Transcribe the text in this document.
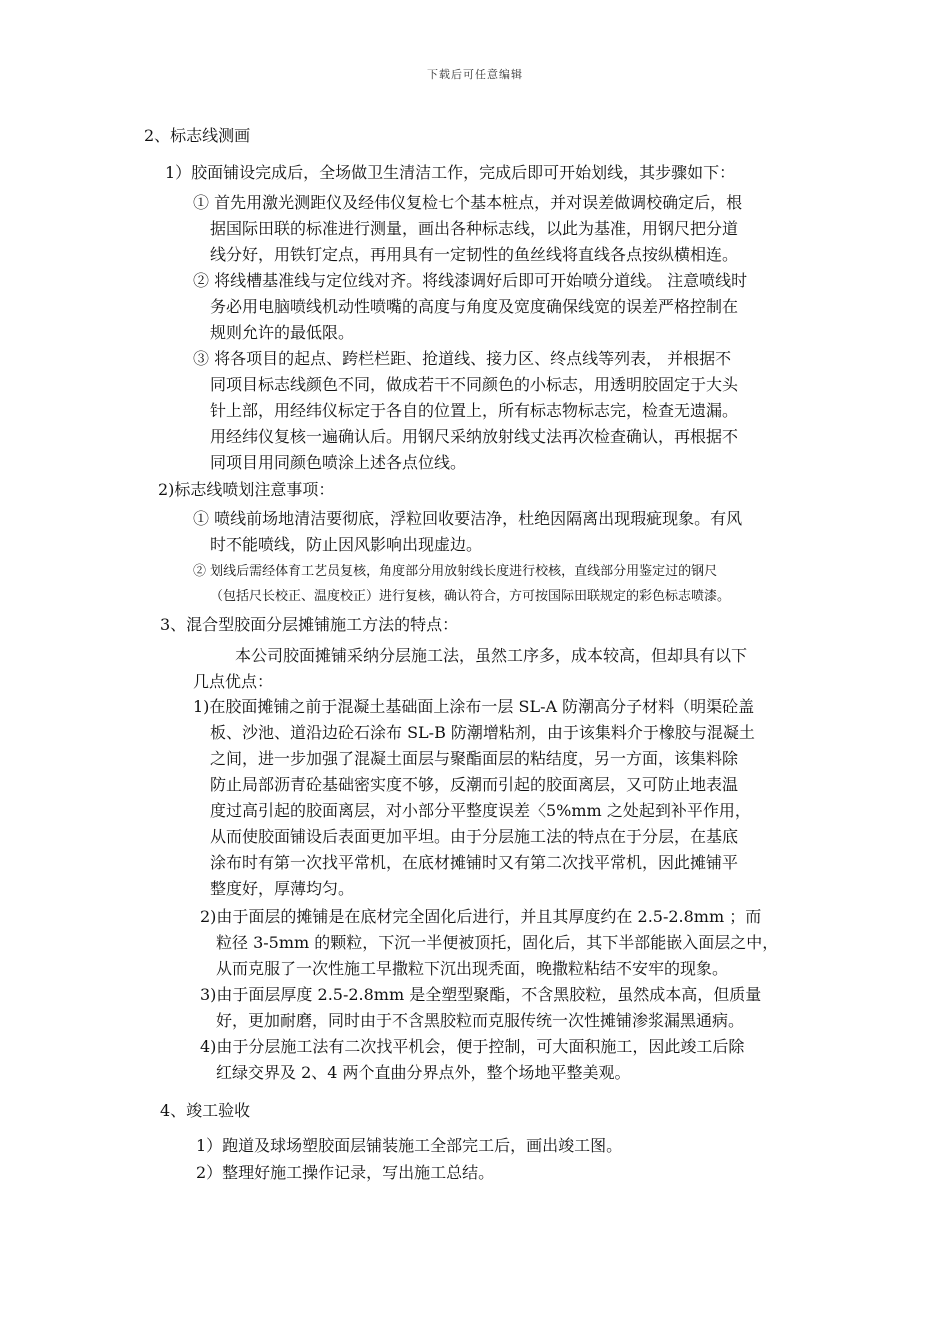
下载后可任意编辑
2、标志线测画
1）胶面铺设完成后，全场做卫生清洁工作，完成后即可开始划线，其步骤如下：
① 首先用激光测距仪及经伟仪复检七个基本桩点，并对误差做调校确定后，根
据国际田联的标准进行测量，画出各种标志线，以此为基准，用钢尺把分道
线分好，用铁钉定点，再用具有一定韧性的鱼丝线将直线各点按纵横相连。
② 将线槽基准线与定位线对齐。将线漆调好后即可开始喷分道线。 注意喷线时
务必用电脑喷线机动性喷嘴的高度与角度及宽度确保线宽的误差严格控制在
规则允许的最低限。
③ 将各项目的起点、跨栏栏距、抢道线、接力区、终点线等列表， 并根据不
同项目标志线颜色不同，做成若干不同颜色的小标志，用透明胶固定于大头
针上部，用经纬仪标定于各自的位置上，所有标志物标志完，检查无遗漏。
用经纬仪复核一遍确认后。用钢尺采纳放射线丈法再次检查确认，再根据不
同项目用同颜色喷涂上述各点位线。
2)标志线喷划注意事项：
① 喷线前场地清洁要彻底，浮粒回收要洁净，杜绝因隔离出现瑕疵现象。有风
时不能喷线，防止因风影响出现虚边。
② 划线后需经体育工艺员复核，角度部分用放射线长度进行校核，直线部分用鉴定过的钢尺
（包括尺长校正、温度校正）进行复核，确认符合，方可按国际田联规定的彩色标志喷漆。
3、混合型胶面分层摊铺施工方法的特点：
本公司胶面摊铺采纳分层施工法，虽然工序多，成本较高，但却具有以下
几点优点：
1)在胶面摊铺之前于混凝土基础面上涂布一层 SL-A 防潮高分子材料（明渠砼盖
板、沙池、道沿边砼石涂布 SL-B 防潮增粘剂，由于该集料介于橡胶与混凝土
之间，进一步加强了混凝土面层与聚酯面层的粘结度，另一方面，该集料除
防止局部沥青砼基础密实度不够，反潮而引起的胶面离层，又可防止地表温
度过高引起的胶面离层，对小部分平整度误差〈5%mm 之处起到补平作用，
从而使胶面铺设后表面更加平坦。由于分层施工法的特点在于分层，在基底
涂布时有第一次找平常机，在底材摊铺时又有第二次找平常机，因此摊铺平
整度好，厚薄均匀。
2)由于面层的摊铺是在底材完全固化后进行，并且其厚度约在 2.5-2.8mm ；而
粒径 3-5mm 的颗粒，下沉一半便被顶托，固化后，其下半部能嵌入面层之中，
从而克服了一次性施工早撒粒下沉出现秃面，晚撒粒粘结不安牢的现象。
3)由于面层厚度 2.5-2.8mm 是全塑型聚酯，不含黑胶粒，虽然成本高，但质量
好，更加耐磨，同时由于不含黑胶粒而克服传统一次性摊铺渗浆漏黑通病。
4)由于分层施工法有二次找平机会，便于控制，可大面积施工，因此竣工后除
红绿交界及 2、4 两个直曲分界点外，整个场地平整美观。
4、竣工验收
1）跑道及球场塑胶面层铺装施工全部完工后，画出竣工图。
2）整理好施工操作记录，写出施工总结。
